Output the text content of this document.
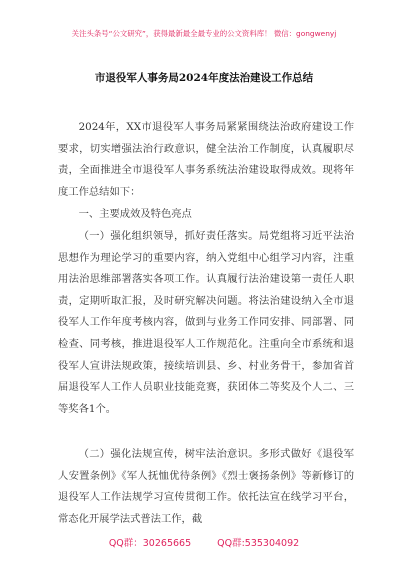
关注头条号“公文研究”，获得最新最全最专业的公文资料库！ 微信：gongwenyj
市退役军人事务局2024年度法治建设工作总结

2024年，XX市退役军人事务局紧紧围绕法治政府建设工作要求，切实增强法治行政意识，健全法治工作制度，认真履职尽责，全面推进全市退役军人事务系统法治建设取得成效。现将年度工作总结如下：

一、主要成效及特色亮点

（一）强化组织领导，抓好责任落实。局党组将习近平法治思想作为理论学习的重要内容，纳入党组中心组学习内容，注重用法治思维部署落实各项工作。认真履行法治建设第一责任人职责，定期听取汇报，及时研究解决问题。将法治建设纳入全市退役军人工作年度考核内容，做到与业务工作同安排、同部署、同检查、同考核，推进退役军人工作规范化。注重向全市系统和退役军人宣讲法规政策，接续培训县、乡、村业务骨干，参加省首届退役军人工作人员职业技能竞赛，获团体二等奖及个人二、三等奖各1个。

（二）强化法规宣传，树牢法治意识。多形式做好《退役军人安置条例》《军人抚恤优待条例》《烈士褒扬条例》等新修订的退役军人工作法规学习宣传贯彻工作。依托法宣在线学习平台，常态化开展学法式普法工作，截

QQ群：30265665	QQ群:535304092
